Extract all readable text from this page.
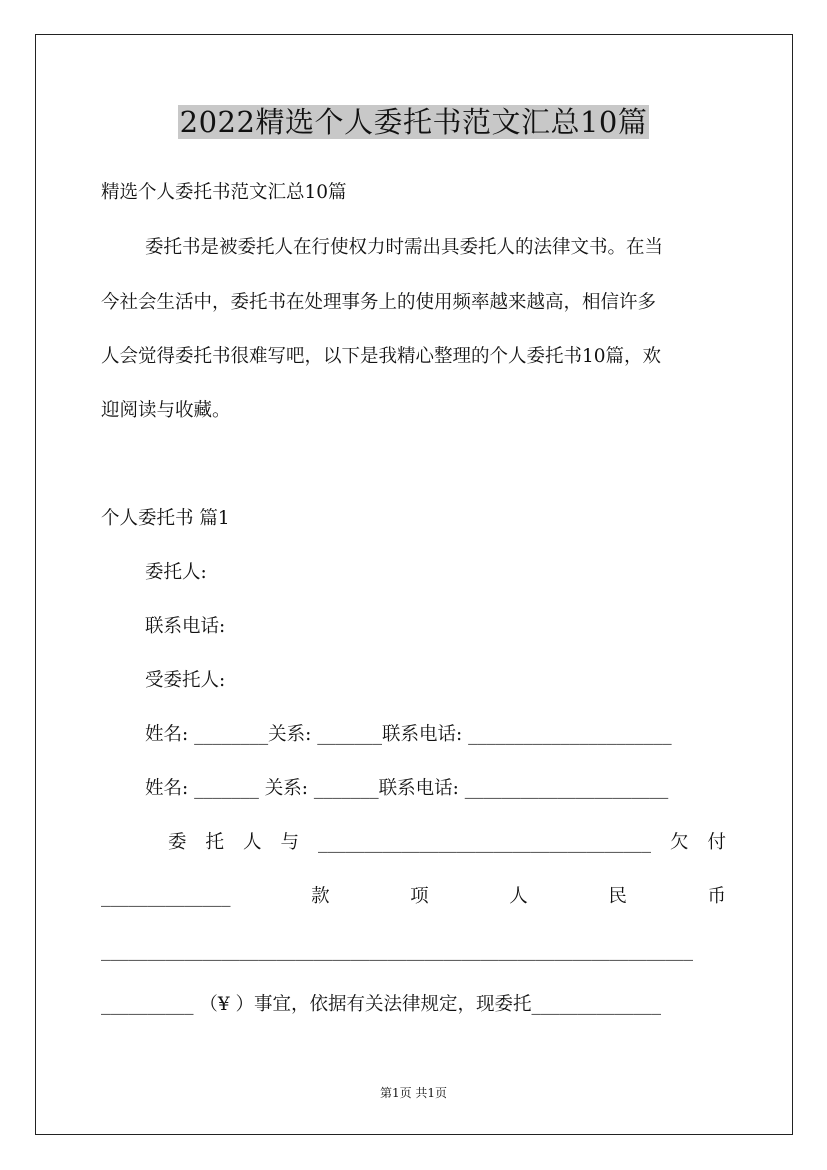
2022精选个人委托书范文汇总10篇
精选个人委托书范文汇总10篇
委托书是被委托人在行使权力时需出具委托人的法律文书。在当
今社会生活中，委托书在处理事务上的使用频率越来越高，相信许多
人会觉得委托书很难写吧，以下是我精心整理的个人委托书10篇，欢
迎阅读与收藏。
个人委托书 篇1
委托人:
联系电话:
受委托人:
姓名: ________关系: _______联系电话: ______________________
姓名: _______ 关系: _______联系电话: ______________________
委 托 人 与 ____________________________________ 欠 付
______________	款	项	人	民	币
________________________________________________________________
__________ （¥ ）事宜，依据有关法律规定，现委托______________
第1页 共1页
